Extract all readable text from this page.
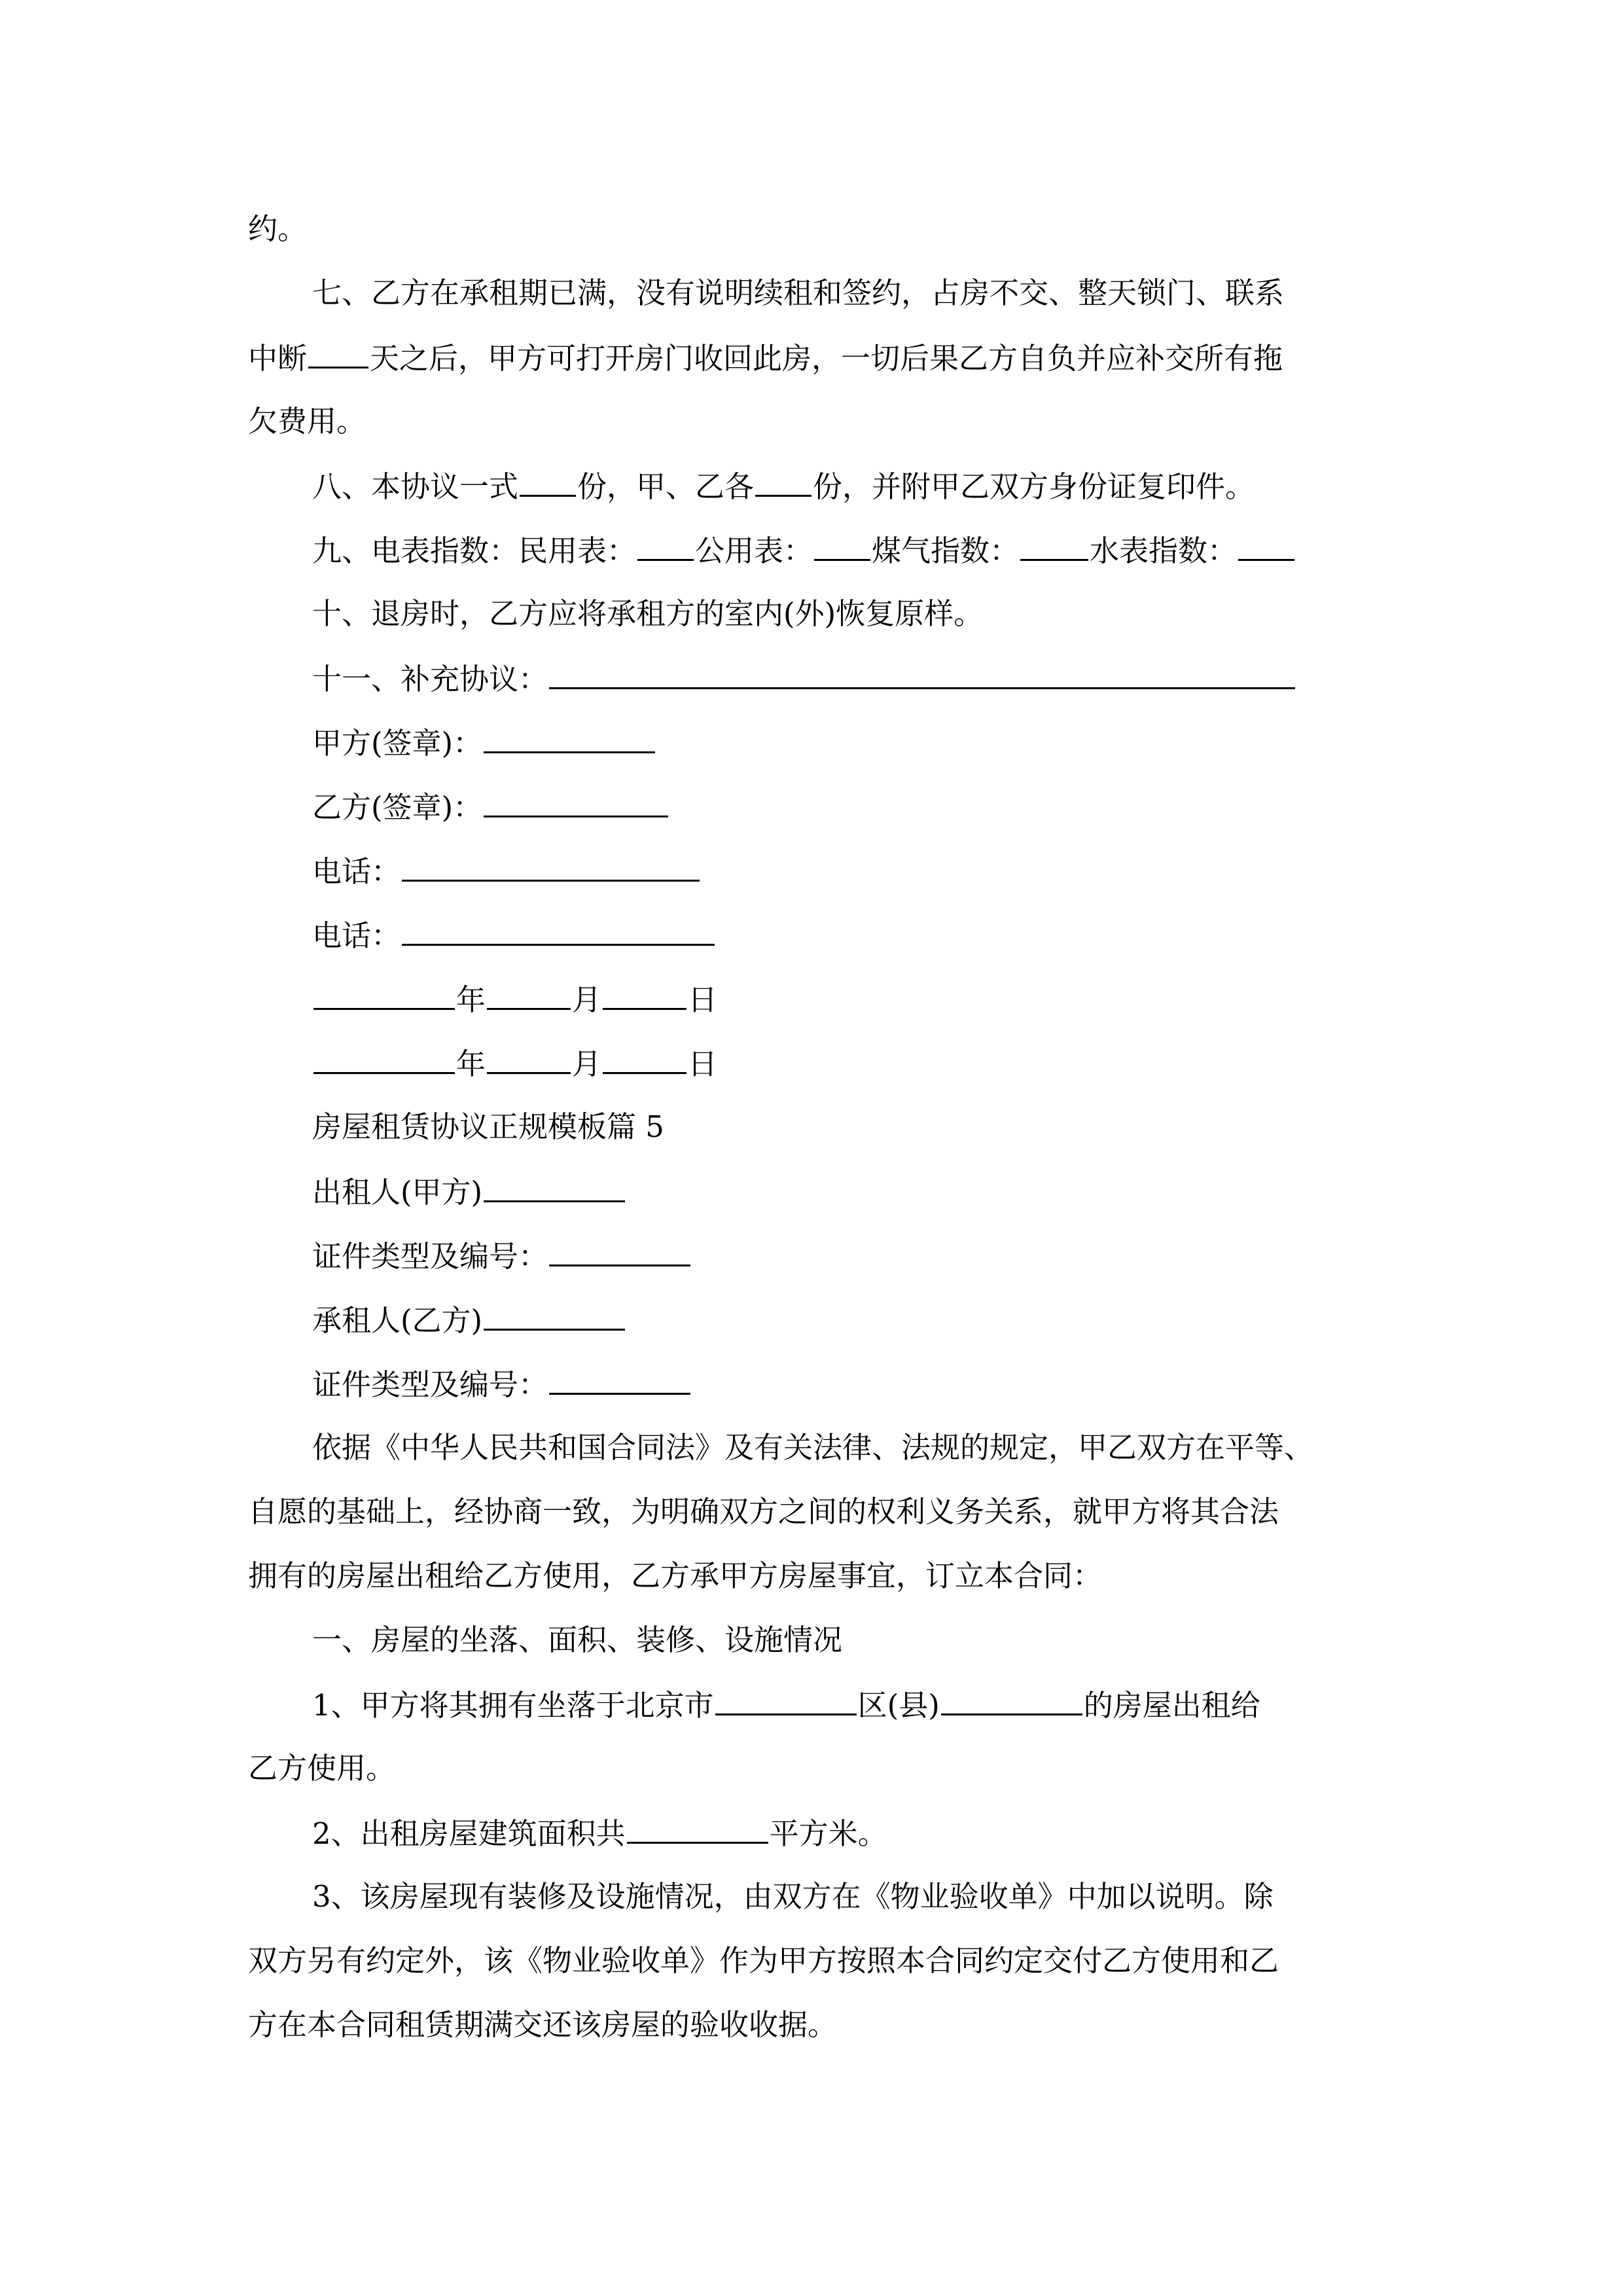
约。
七、乙方在承租期已满，没有说明续租和签约，占房不交、整天锁门、联系
中断 天之后，甲方可打开房门收回此房，一切后果乙方自负并应补交所有拖
欠费用。
八、本协议一式 份，甲、乙各 份，并附甲乙双方身份证复印件。
九、电表指数：民用表： 公用表： 煤气指数： 水表指数：
十、退房时，乙方应将承租方的室内(外)恢复原样。
十一、补充协议：
甲方(签章)：
乙方(签章)：
电话：
电话：
年	月	日
年	月	日
房屋租赁协议正规模板篇 5
出租人(甲方)
证件类型及编号：
承租人(乙方)
证件类型及编号：
依据《中华人民共和国合同法》及有关法律、法规的规定，甲乙双方在平等、
自愿的基础上，经协商一致，为明确双方之间的权利义务关系，就甲方将其合法
拥有的房屋出租给乙方使用，乙方承甲方房屋事宜，订立本合同：
一、房屋的坐落、面积、装修、设施情况
1、甲方将其拥有坐落于北京市	区(县)	的房屋出租给
乙方使用。
2、出租房屋建筑面积共	平方米。
3、该房屋现有装修及设施情况，由双方在《物业验收单》中加以说明。除
双方另有约定外，该《物业验收单》作为甲方按照本合同约定交付乙方使用和乙
方在本合同租赁期满交还该房屋的验收收据。
